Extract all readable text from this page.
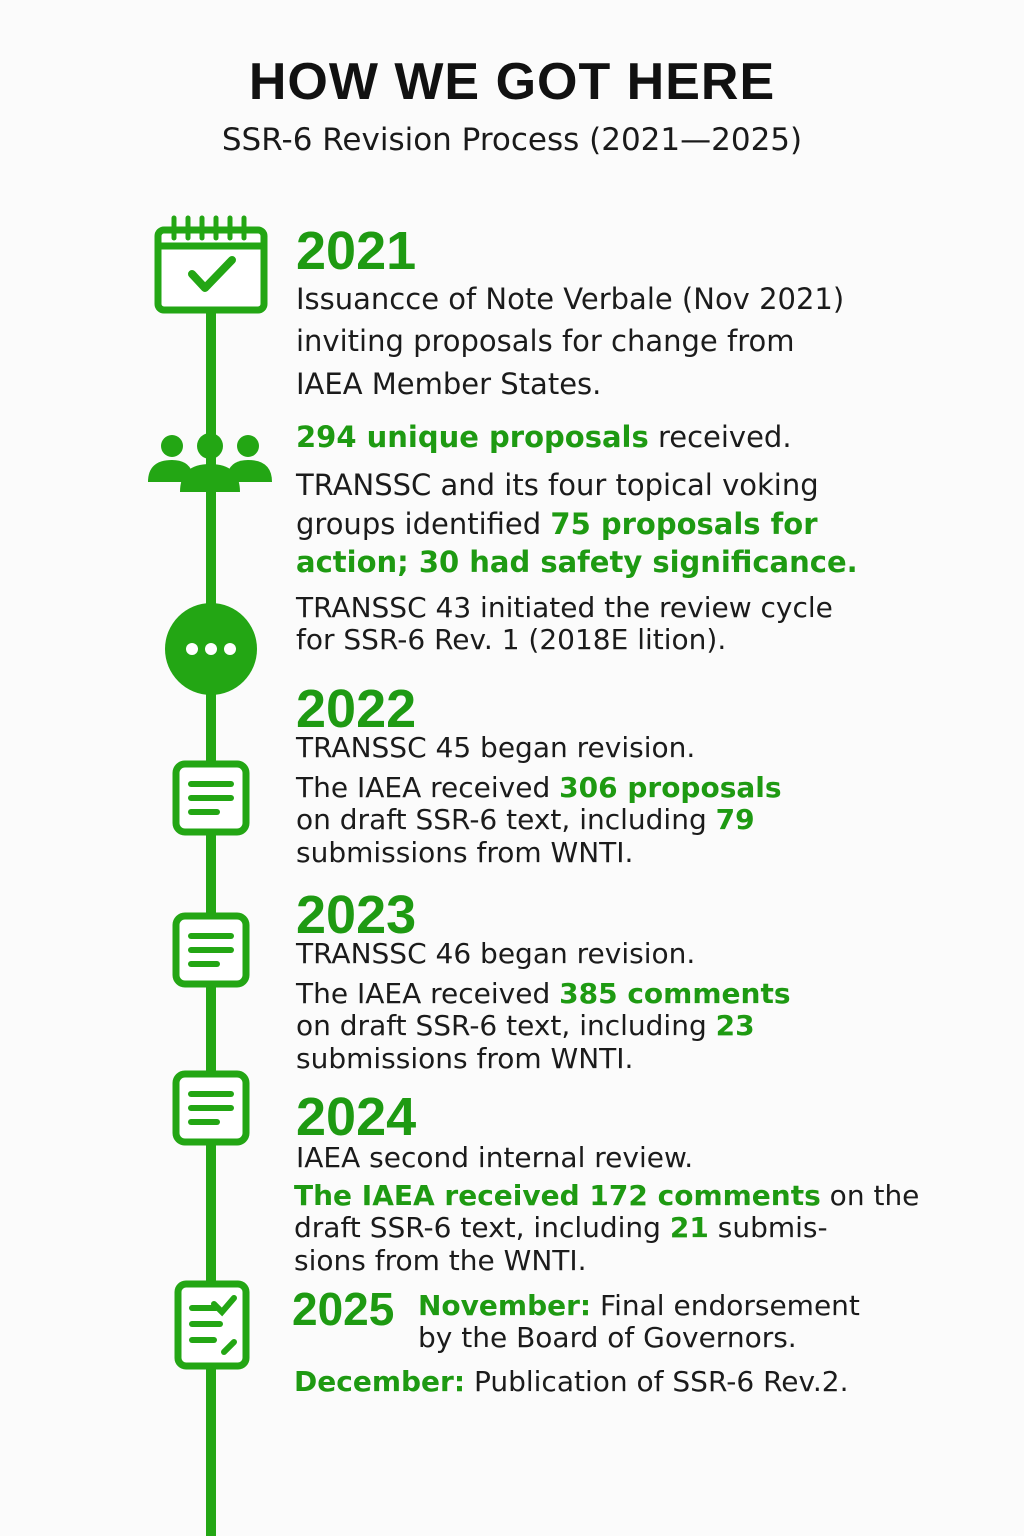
HOW WE GOT HERE
SSR-6 Revision Process (2021—2025)
2021
Issuancce of Note Verbale (Nov 2021)
inviting proposals for change from
IAEA Member States.
294 unique proposals received.
TRANSSC and its four topical voking
groups identified 75 proposals for
action; 30 had safety significance.
TRANSSC 43 initiated the review cycle
for SSR-6 Rev. 1 (2018E lition).
2022
TRANSSC 45 began revision.
The IAEA received 306 proposals
on draft SSR-6 text, including 79
submissions from WNTI.
2023
TRANSSC 46 began revision.
The IAEA received 385 comments
on draft SSR-6 text, including 23
submissions from WNTI.
2024
IAEA second internal review.
The IAEA received 172 comments on the
draft SSR-6 text, including 21 submis-
sions from the WNTI.
2025 November: Final endorsement
by the Board of Governors.
December: Publication of SSR-6 Rev.2.
